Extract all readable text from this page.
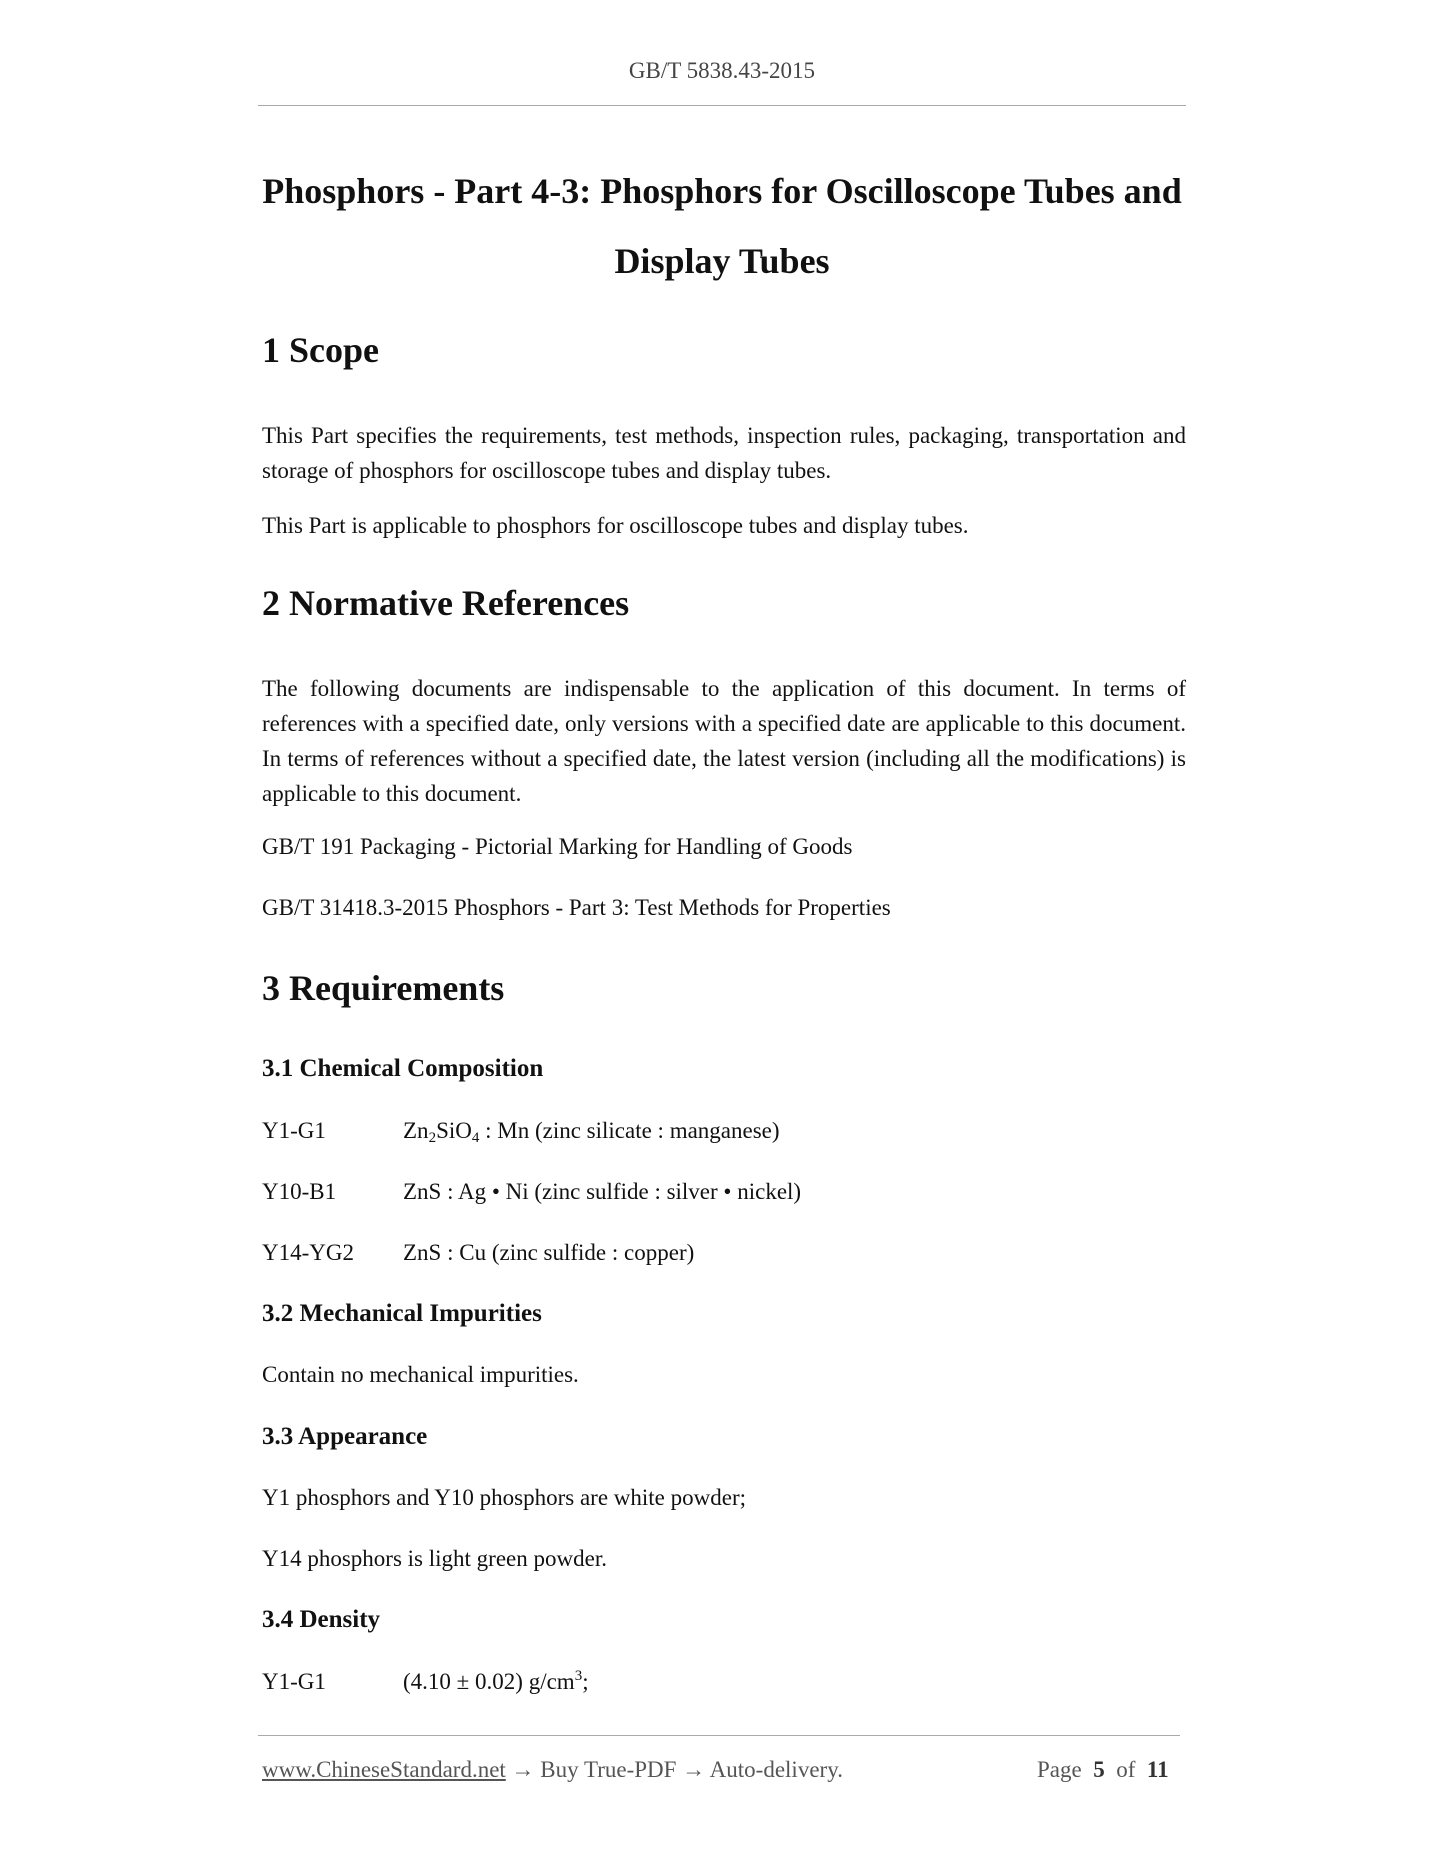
GB/T 5838.43-2015
Phosphors - Part 4-3: Phosphors for Oscilloscope Tubes and
Display Tubes
1 Scope

This Part specifies the requirements, test methods, inspection rules, packaging, transportation and storage of phosphors for oscilloscope tubes and display tubes.

This Part is applicable to phosphors for oscilloscope tubes and display tubes.

2 Normative References

The following documents are indispensable to the application of this document. In terms of references with a specified date, only versions with a specified date are applicable to this document. In terms of references without a specified date, the latest version (including all the modifications) is applicable to this document.

GB/T 191 Packaging - Pictorial Marking for Handling of Goods

GB/T 31418.3-2015 Phosphors - Part 3: Test Methods for Properties

3 Requirements
3.1 Chemical Composition
Y1-G1	$Zn_2SiO_4$ : Mn (zinc silicate : manganese)
Y10-B1	ZnS : Ag • Ni (zinc sulfide : silver • nickel)
Y14-YG2 ZnS : Cu (zinc sulfide : copper)
3.2 Mechanical Impurities

Contain no mechanical impurities.

3.3 Appearance

Y1 phosphors and Y10 phosphors are white powder;

Y14 phosphors is light green powder.

3.4 Density
Y1-G1	(4.10 ± 0.02) $g/cm^3$;
www.ChineseStandard.net → Buy True-PDF → Auto-delivery.	Page 5 of 11
